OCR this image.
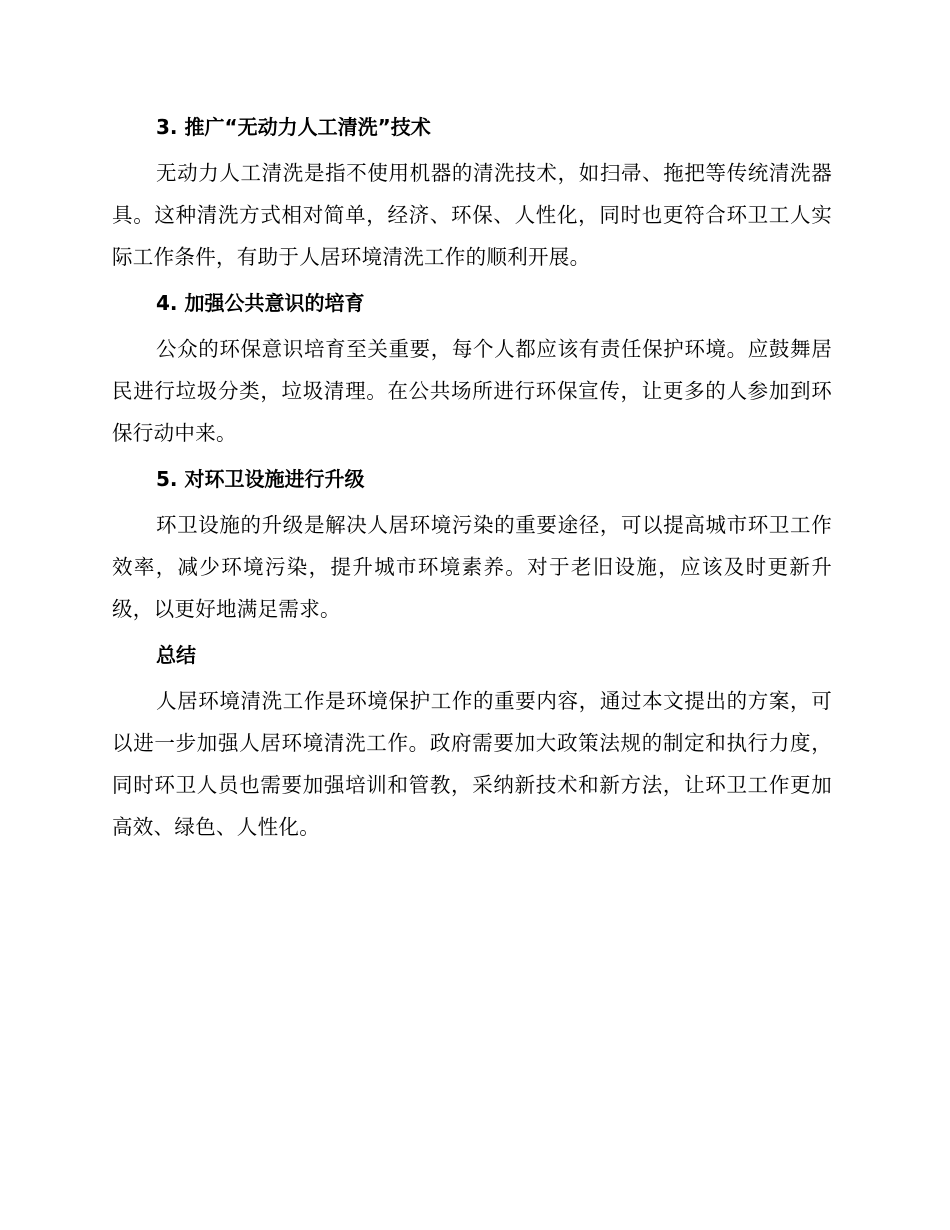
3. 推广“无动力人工清洗”技术

无动力人工清洗是指不使用机器的清洗技术，如扫帚、拖把等传统清洗器具。这种清洗方式相对简单，经济、环保、人性化，同时也更符合环卫工人实际工作条件，有助于人居环境清洗工作的顺利开展。

4. 加强公共意识的培育

公众的环保意识培育至关重要，每个人都应该有责任保护环境。应鼓舞居民进行垃圾分类，垃圾清理。在公共场所进行环保宣传，让更多的人参加到环保行动中来。

5. 对环卫设施进行升级

环卫设施的升级是解决人居环境污染的重要途径，可以提高城市环卫工作效率，减少环境污染，提升城市环境素养。对于老旧设施，应该及时更新升级，以更好地满足需求。

总结

人居环境清洗工作是环境保护工作的重要内容，通过本文提出的方案，可以进一步加强人居环境清洗工作。政府需要加大政策法规的制定和执行力度，同时环卫人员也需要加强培训和管教，采纳新技术和新方法，让环卫工作更加高效、绿色、人性化。
